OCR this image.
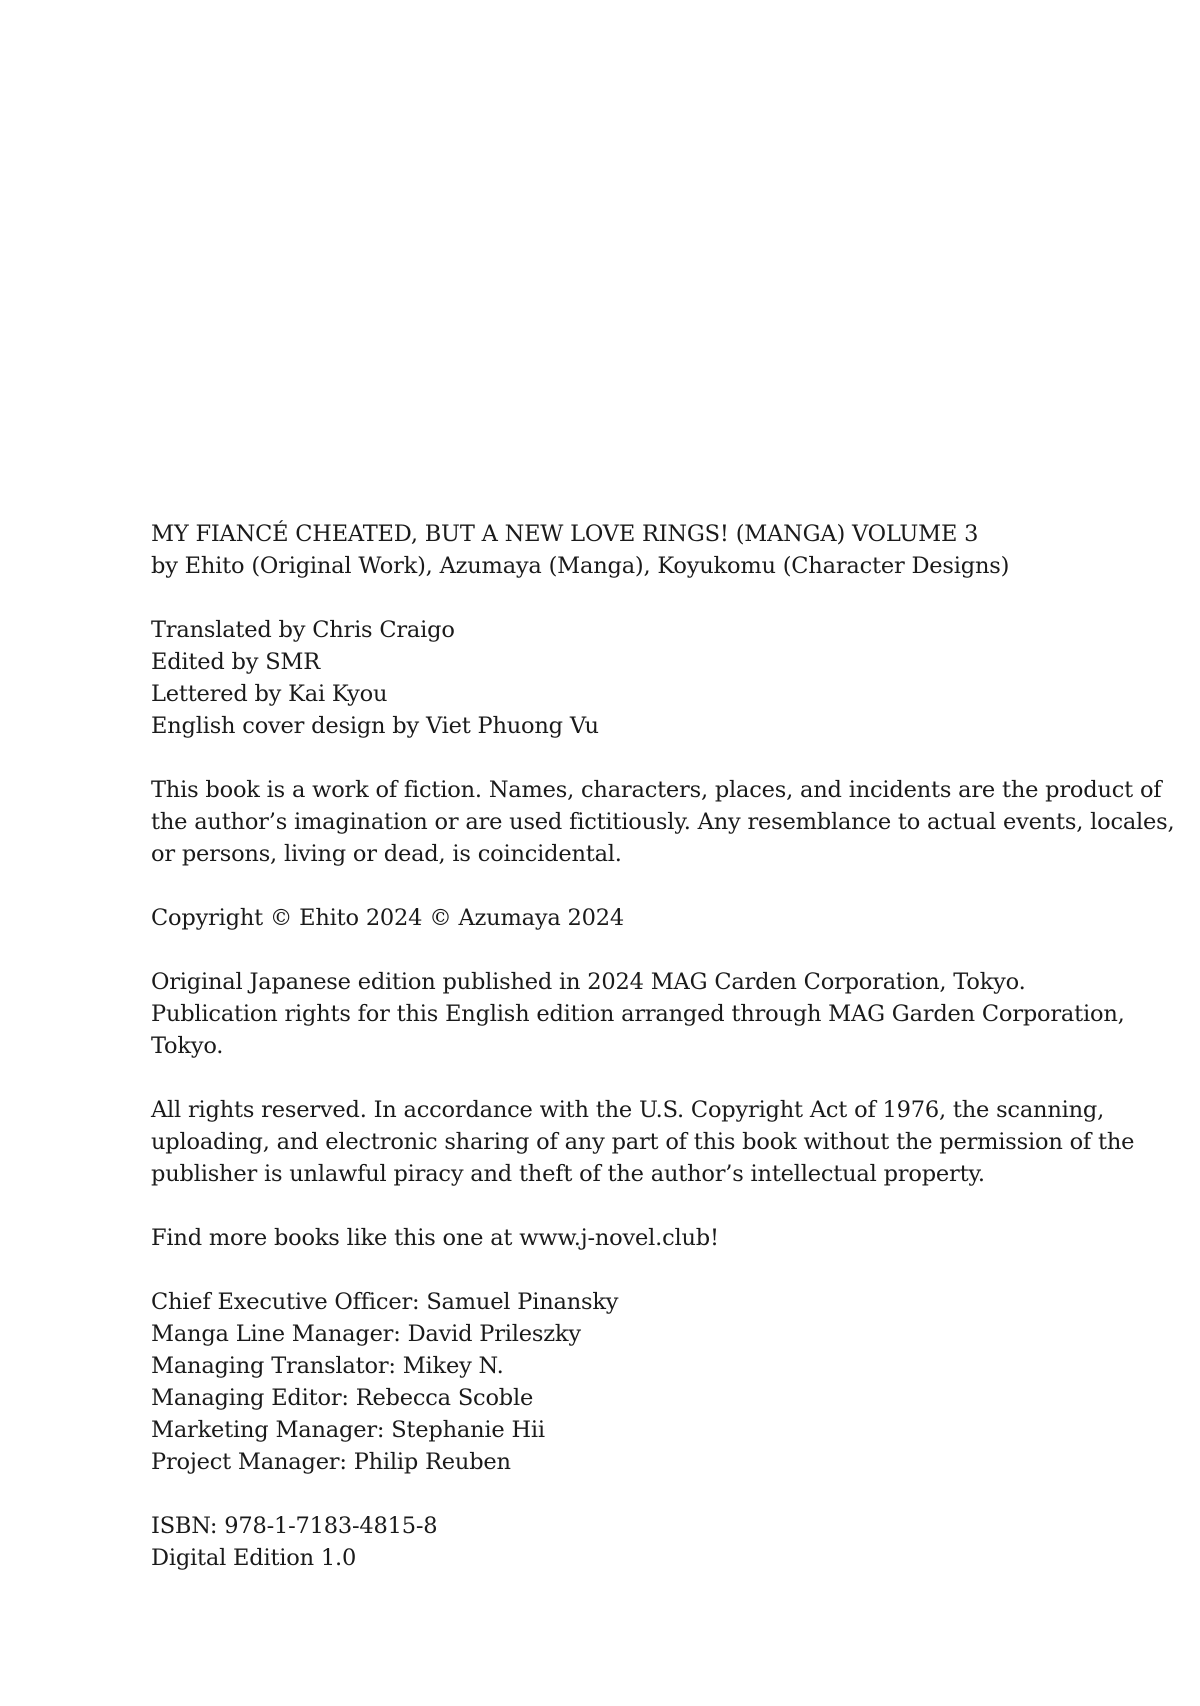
MY FIANCÉ CHEATED, BUT A NEW LOVE RINGS! (MANGA) VOLUME 3
by Ehito (Original Work), Azumaya (Manga), Koyukomu (Character Designs)

Translated by Chris Craigo
Edited by SMR
Lettered by Kai Kyou
English cover design by Viet Phuong Vu

This book is a work of fiction. Names, characters, places, and incidents are the product of
the author’s imagination or are used fictitiously. Any resemblance to actual events, locales,
or persons, living or dead, is coincidental.

Copyright © Ehito 2024 © Azumaya 2024

Original Japanese edition published in 2024 MAG Carden Corporation, Tokyo.
Publication rights for this English edition arranged through MAG Garden Corporation,
Tokyo.

All rights reserved. In accordance with the U.S. Copyright Act of 1976, the scanning,
uploading, and electronic sharing of any part of this book without the permission of the
publisher is unlawful piracy and theft of the author’s intellectual property.

Find more books like this one at www.j-novel.club!

Chief Executive Officer: Samuel Pinansky
Manga Line Manager: David Prileszky
Managing Translator: Mikey N.
Managing Editor: Rebecca Scoble
Marketing Manager: Stephanie Hii
Project Manager: Philip Reuben

ISBN: 978-1-7183-4815-8
Digital Edition 1.0
